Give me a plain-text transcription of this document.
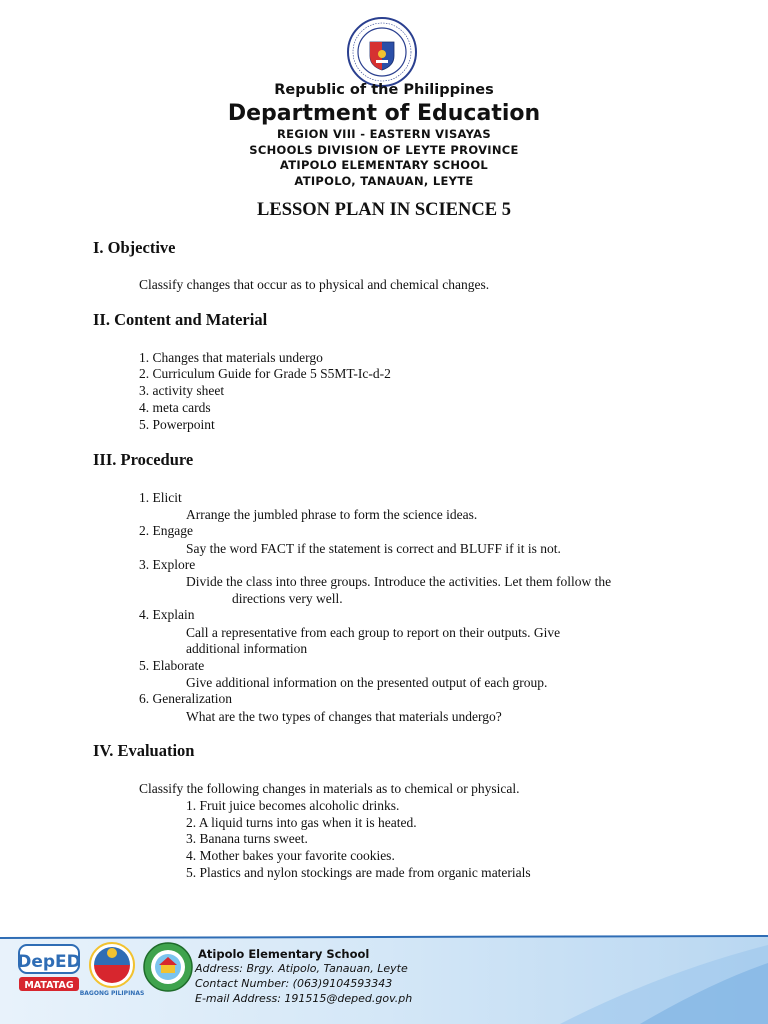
Republic of the Philippines
Department of Education
REGION VIII - EASTERN VISAYAS
SCHOOLS DIVISION OF LEYTE PROVINCE
ATIPOLO ELEMENTARY SCHOOL
ATIPOLO, TANAUAN, LEYTE
LESSON PLAN IN SCIENCE 5
I. Objective
Classify changes that occur as to physical and chemical changes.
II. Content and Material
1. Changes that materials undergo
2. Curriculum Guide for Grade 5 S5MT-Ic-d-2
3. activity sheet
4. meta cards
5. Powerpoint
III. Procedure
1. Elicit
Arrange the jumbled phrase to form the science ideas.
2. Engage
Say the word FACT if the statement is correct and BLUFF if it is not.
3. Explore
Divide the class into three groups. Introduce the activities. Let them follow the
directions very well.
4. Explain
Call a representative from each group to report on their outputs. Give
additional information
5. Elaborate
Give additional information on the presented output of each group.
6. Generalization
What are the two types of changes that materials undergo?
IV. Evaluation
Classify the following changes in materials as to chemical or physical.
1. Fruit juice becomes alcoholic drinks.
2. A liquid turns into gas when it is heated.
3. Banana turns sweet.
4. Mother bakes your favorite cookies.
5. Plastics and nylon stockings are made from organic materials
DepED
MATATAG
BAGONG PILIPINAS
Atipolo Elementary School
Address: Brgy. Atipolo, Tanauan, Leyte
Contact Number: (063)9104593343
E-mail Address: 191515@deped.gov.ph
